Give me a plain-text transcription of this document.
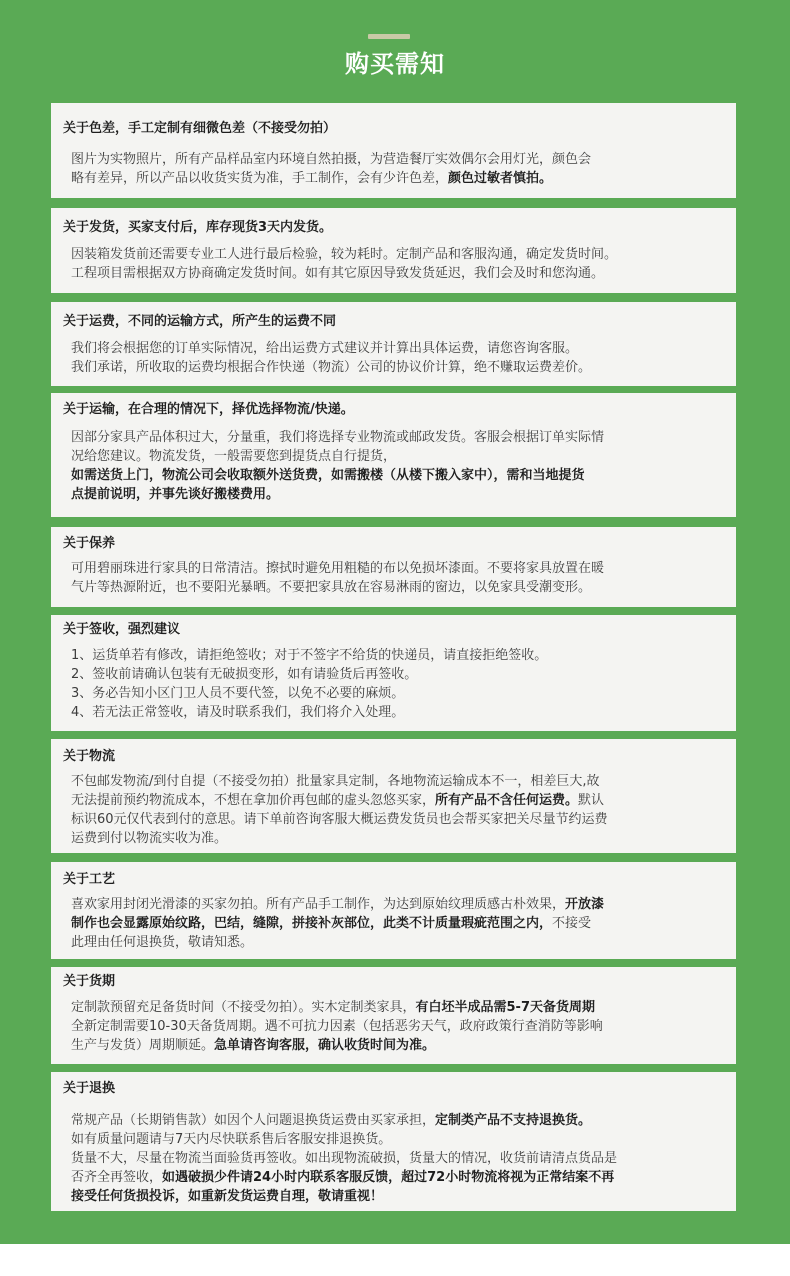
购买需知
关于色差，手工定制有细微色差（不接受勿拍）
图片为实物照片，所有产品样品室内环境自然拍摄，为营造餐厅实效偶尔会用灯光，颜色会
略有差异，所以产品以收货实货为准，手工制作，会有少许色差，颜色过敏者慎拍。
关于发货，买家支付后，库存现货3天内发货。
因装箱发货前还需要专业工人进行最后检验，较为耗时。定制产品和客服沟通，确定发货时间。
工程项目需根据双方协商确定发货时间。如有其它原因导致发货延迟，我们会及时和您沟通。
关于运费，不同的运输方式，所产生的运费不同
我们将会根据您的订单实际情况，给出运费方式建议并计算出具体运费，请您咨询客服。
我们承诺，所收取的运费均根据合作快递（物流）公司的协议价计算，绝不赚取运费差价。
关于运输，在合理的情况下，择优选择物流/快递。
因部分家具产品体积过大，分量重，我们将选择专业物流或邮政发货。客服会根据订单实际情
况给您建议。物流发货，一般需要您到提货点自行提货，
如需送货上门，物流公司会收取额外送货费，如需搬楼（从楼下搬入家中），需和当地提货
点提前说明，并事先谈好搬楼费用。
关于保养
可用碧丽珠进行家具的日常清洁。擦拭时避免用粗糙的布以免损坏漆面。不要将家具放置在暖
气片等热源附近，也不要阳光暴晒。不要把家具放在容易淋雨的窗边，以免家具受潮变形。
关于签收，强烈建议
1、运货单若有修改，请拒绝签收；对于不签字不给货的快递员，请直接拒绝签收。
2、签收前请确认包装有无破损变形，如有请验货后再签收。
3、务必告知小区门卫人员不要代签，以免不必要的麻烦。
4、若无法正常签收，请及时联系我们，我们将介入处理。
关于物流
不包邮发物流/到付自提（不接受勿拍）批量家具定制，各地物流运输成本不一，相差巨大,故
无法提前预约物流成本，不想在拿加价再包邮的虚头忽悠买家，所有产品不含任何运费。默认
标识60元仅代表到付的意思。请下单前咨询客服大概运费发货员也会帮买家把关尽量节约运费
运费到付以物流实收为准。
关于工艺
喜欢家用封闭光滑漆的买家勿拍。所有产品手工制作，为达到原始纹理质感古朴效果，开放漆
制作也会显露原始纹路，巴结，缝隙，拼接补灰部位，此类不计质量瑕疵范围之内，不接受
此理由任何退换货，敬请知悉。
关于货期
定制款预留充足备货时间（不接受勿拍）。实木定制类家具，有白坯半成品需5-7天备货周期
全新定制需要10-30天备货周期。遇不可抗力因素（包括恶劣天气，政府政策行查消防等影响
生产与发货）周期顺延。急单请咨询客服，确认收货时间为准。
关于退换
常规产品（长期销售款）如因个人问题退换货运费由买家承担，定制类产品不支持退换货。
如有质量问题请与7天内尽快联系售后客服安排退换货。
货量不大，尽量在物流当面验货再签收。如出现物流破损，货量大的情况，收货前请清点货品是
否齐全再签收，如遇破损少件请24小时内联系客服反馈，超过72小时物流将视为正常结案不再
接受任何货损投诉，如重新发货运费自理，敬请重视！
